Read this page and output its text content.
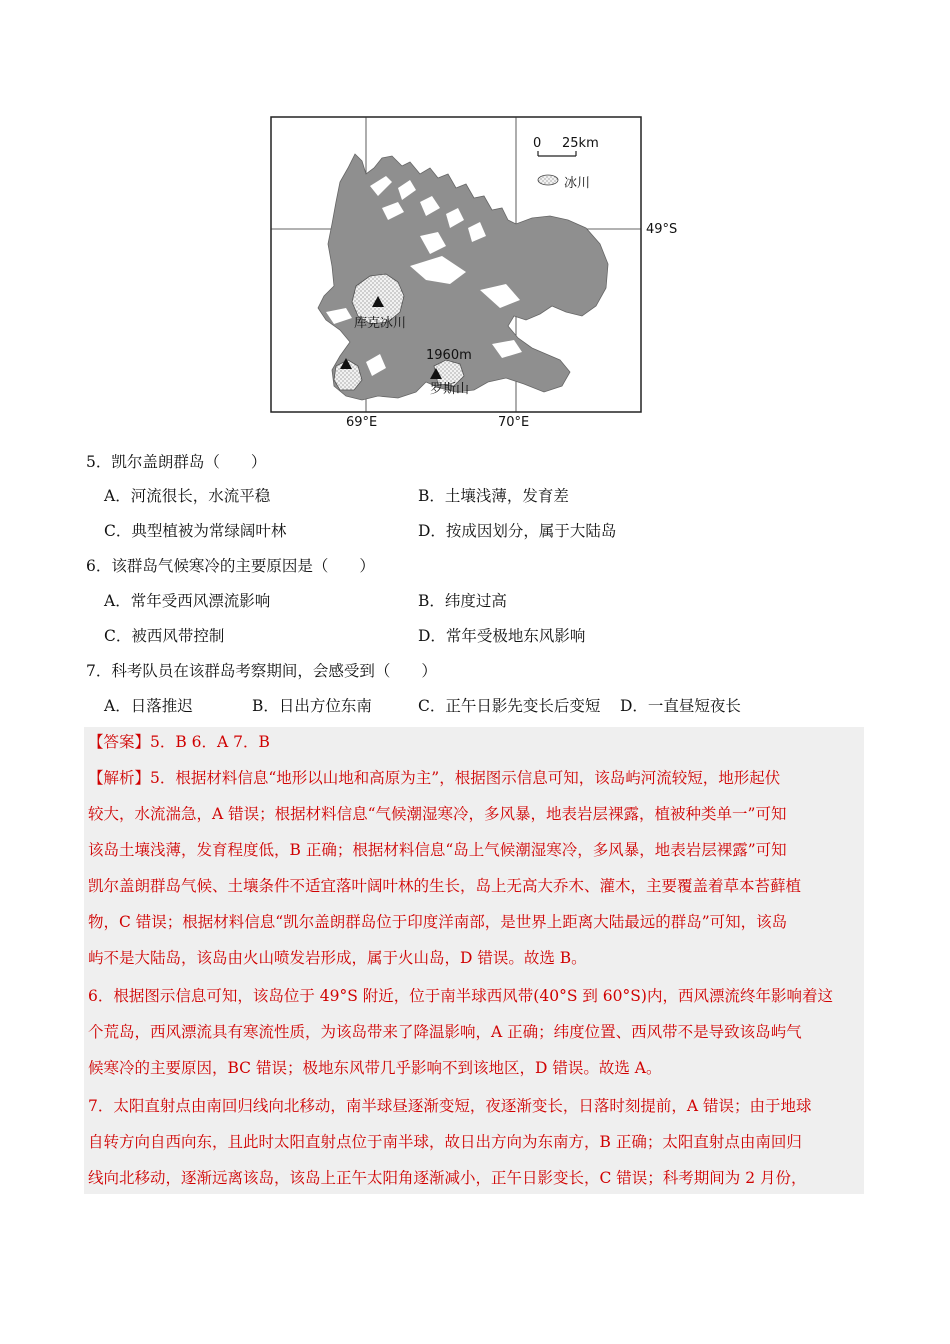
0 25km
冰川
49°S
69°E	70°E
库克冰川
1960m
罗斯山
5．凯尔盖朗群岛（　　）
A．河流很长，水流平稳	B．土壤浅薄，发育差
C．典型植被为常绿阔叶林	D．按成因划分，属于大陆岛
6．该群岛气候寒冷的主要原因是（　　）
A．常年受西风漂流影响	B．纬度过高
C．被西风带控制	D．常年受极地东风影响
7．科考队员在该群岛考察期间，会感受到（　　）
A．日落推迟	B．日出方位东南	C．正午日影先变长后变短 D．一直昼短夜长
【答案】5．B 6．A 7．B
【解析】5．根据材料信息“地形以山地和高原为主”，根据图示信息可知，该岛屿河流较短，地形起伏
较大，水流湍急，A 错误；根据材料信息“气候潮湿寒冷，多风暴，地表岩层裸露，植被种类单一”可知
该岛土壤浅薄，发育程度低，B 正确；根据材料信息“岛上气候潮湿寒冷，多风暴，地表岩层裸露”可知
凯尔盖朗群岛气候、土壤条件不适宜落叶阔叶林的生长，岛上无高大乔木、灌木，主要覆盖着草本苔藓植
物，C 错误；根据材料信息“凯尔盖朗群岛位于印度洋南部，是世界上距离大陆最远的群岛”可知，该岛
屿不是大陆岛，该岛由火山喷发岩形成，属于火山岛，D 错误。故选 B。
6．根据图示信息可知，该岛位于 49°S 附近，位于南半球西风带(40°S 到 60°S)内，西风漂流终年影响着这
个荒岛，西风漂流具有寒流性质，为该岛带来了降温影响，A 正确；纬度位置、西风带不是导致该岛屿气
候寒冷的主要原因，BC 错误；极地东风带几乎影响不到该地区，D 错误。故选 A。
7．太阳直射点由南回归线向北移动，南半球昼逐渐变短，夜逐渐变长，日落时刻提前，A 错误；由于地球
自转方向自西向东，且此时太阳直射点位于南半球，故日出方向为东南方，B 正确；太阳直射点由南回归
线向北移动，逐渐远离该岛，该岛上正午太阳角逐渐减小，正午日影变长，C 错误；科考期间为 2 月份，
